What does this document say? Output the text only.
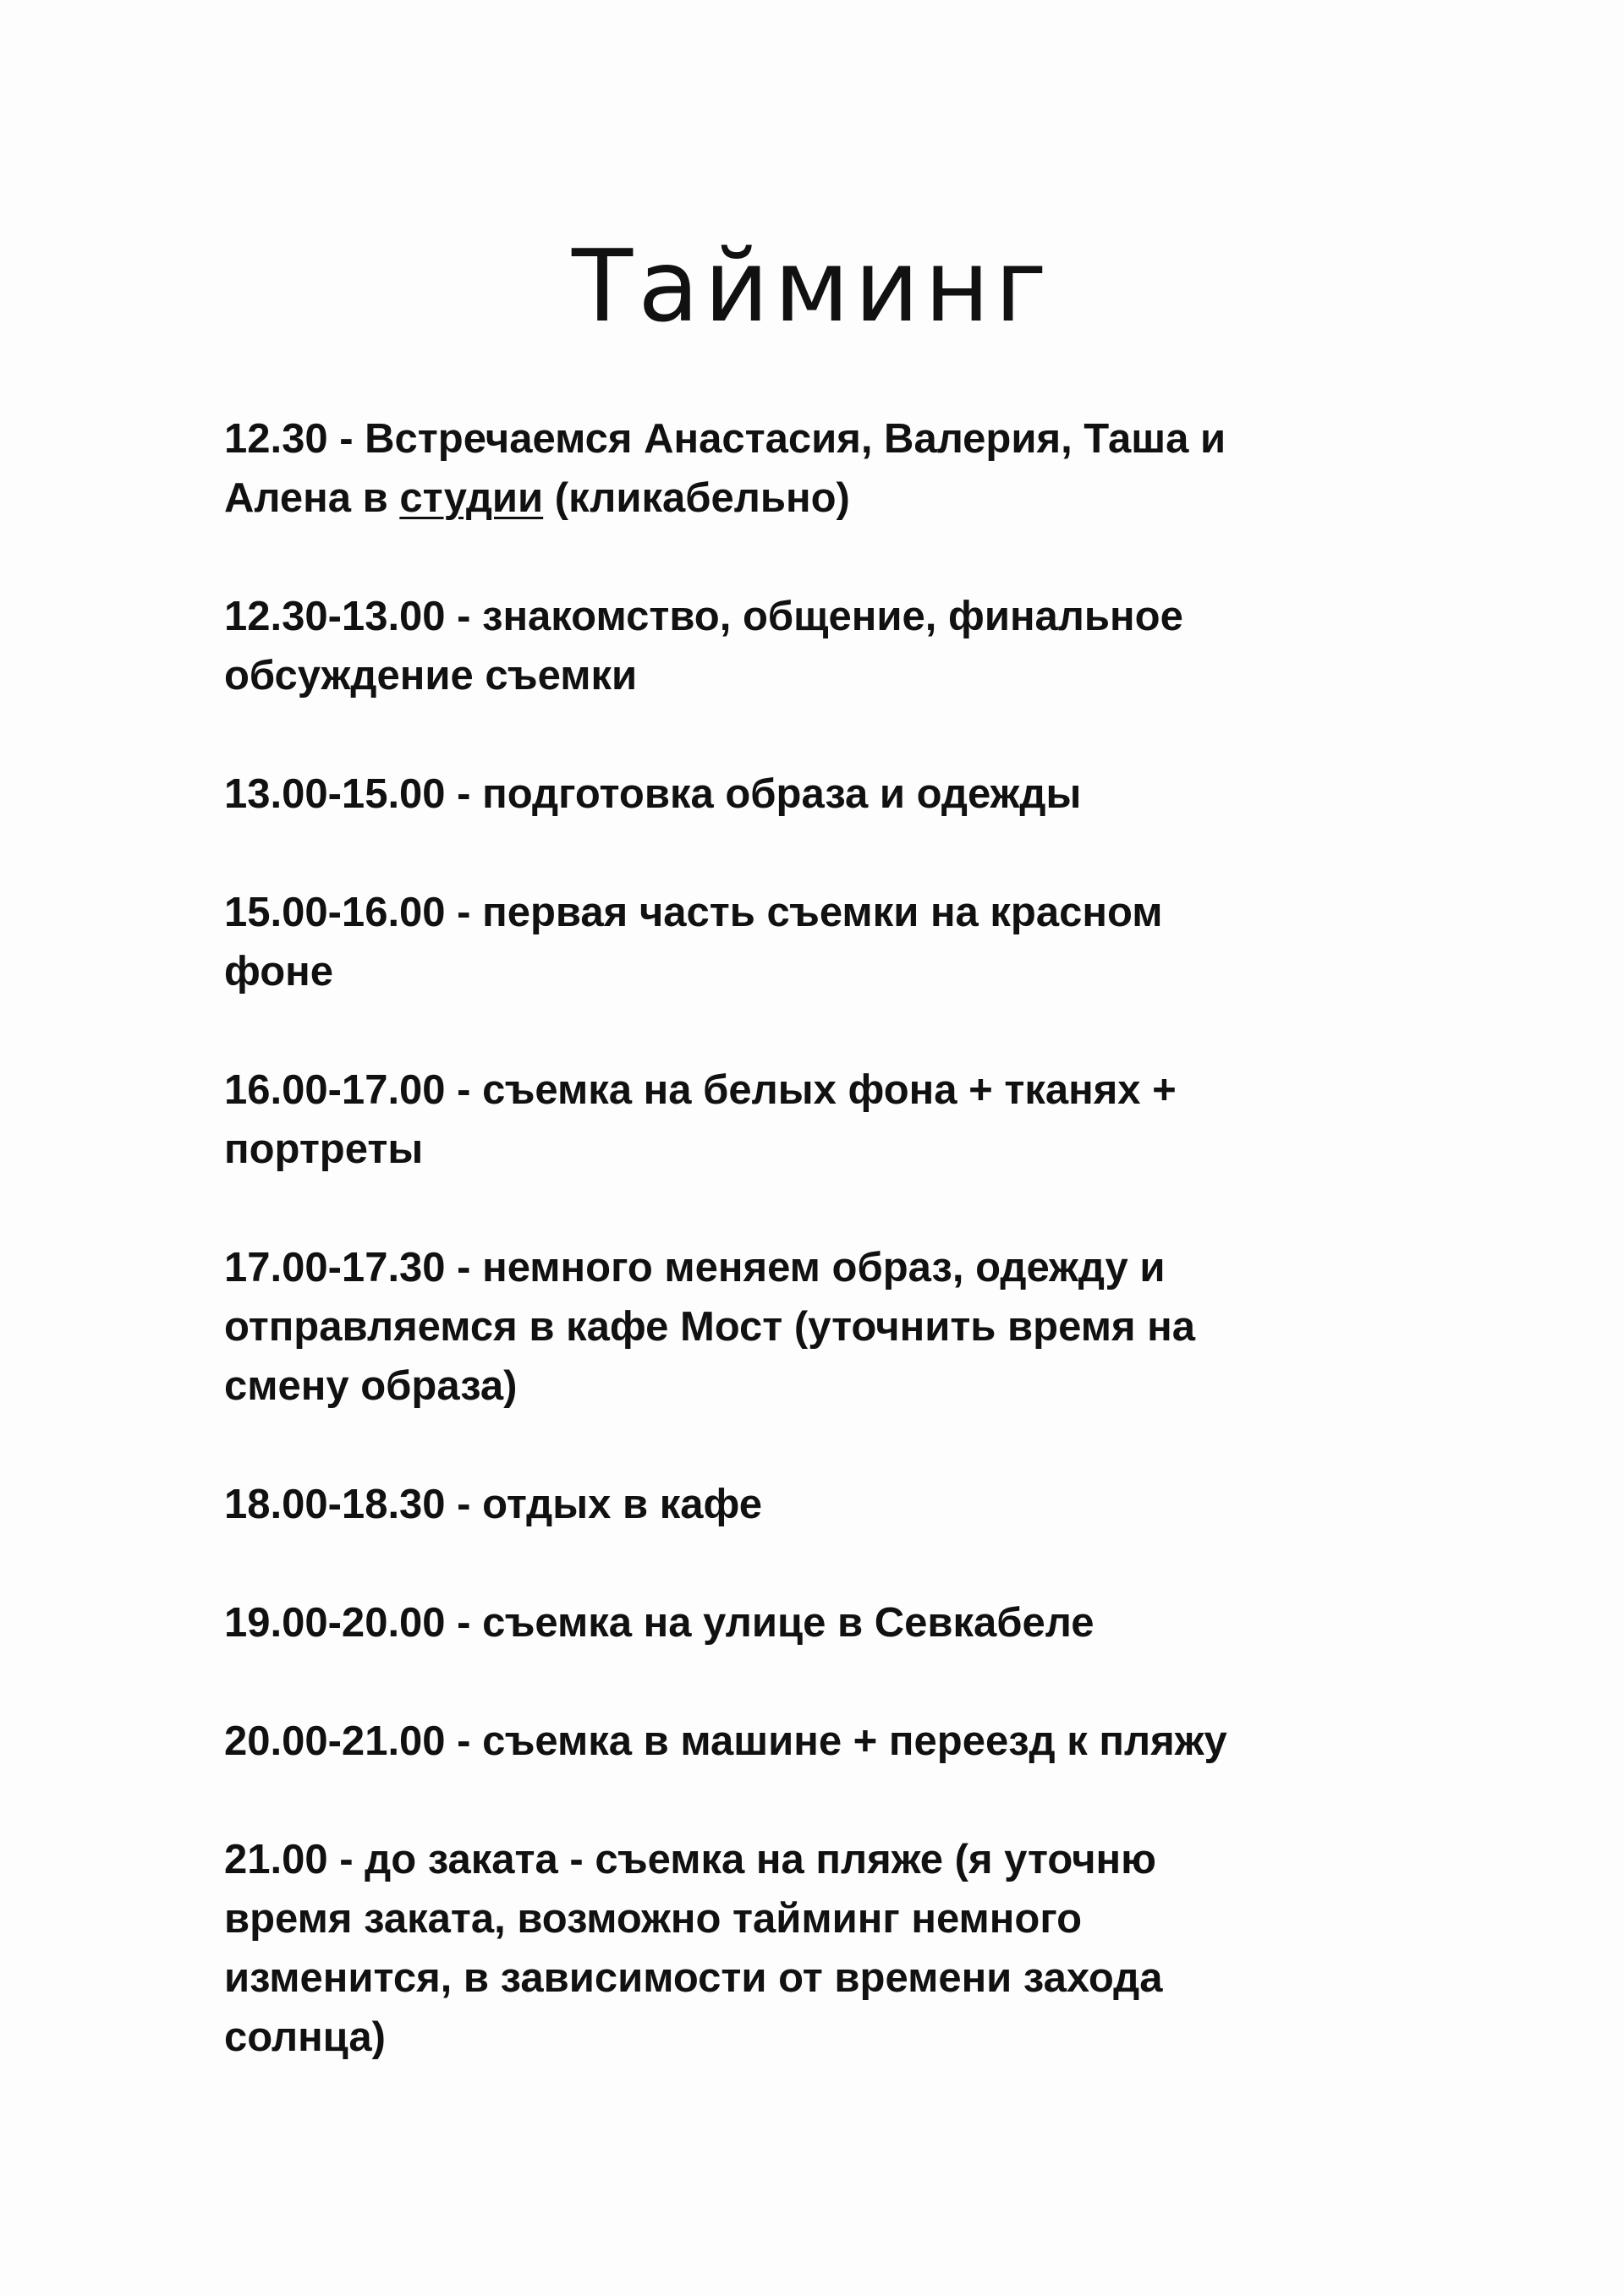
Тайминг
12.30 - Встречаемся Анастасия, Валерия, Таша и
Алена в студии (кликабельно)
12.30-13.00 - знакомство, общение, финальное
обсуждение съемки
13.00-15.00 - подготовка образа и одежды
15.00-16.00 - первая часть съемки на красном
фоне
16.00-17.00 - съемка на белых фона + тканях +
портреты
17.00-17.30 - немного меняем образ, одежду и
отправляемся в кафе Мост (уточнить время на
смену образа)
18.00-18.30 - отдых в кафе
19.00-20.00 - съемка на улице в Севкабеле
20.00-21.00 - съемка в машине + переезд к пляжу
21.00 - до заката - съемка на пляже (я уточню
время заката, возможно тайминг немного
изменится, в зависимости от времени захода
солнца)
